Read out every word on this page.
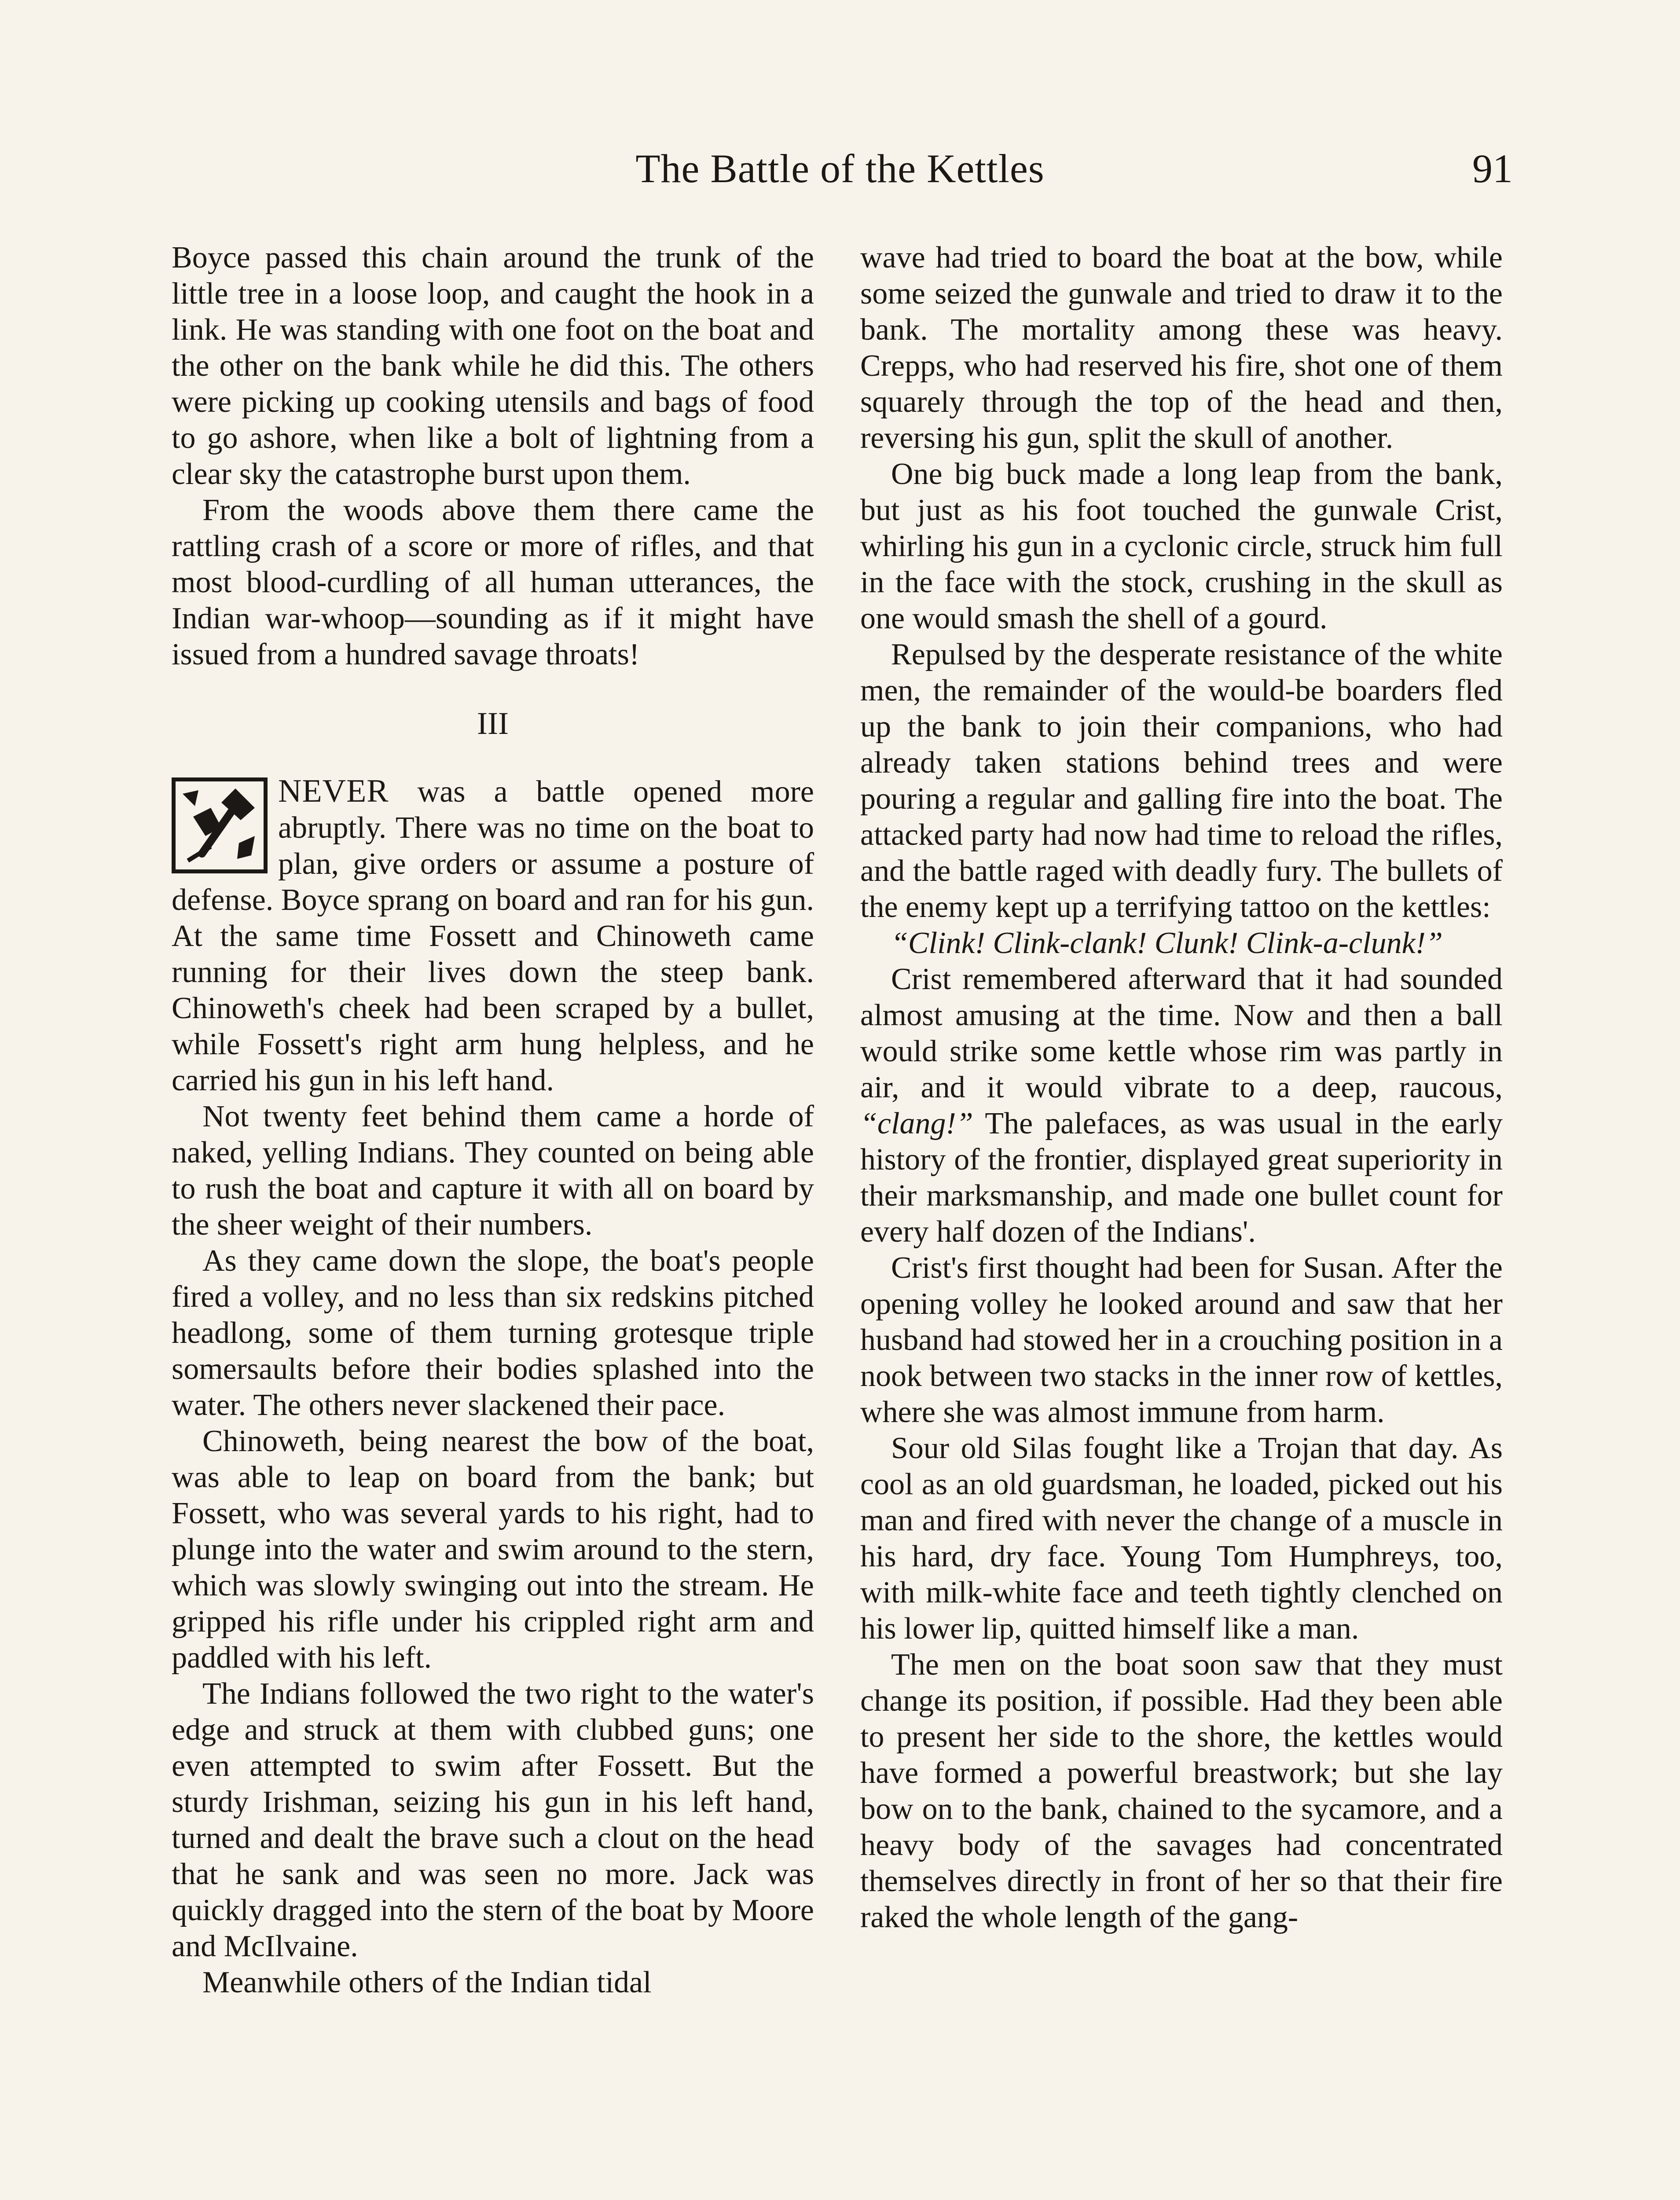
The Battle of the Kettles	91

Boyce passed this chain around the trunk of the little tree in a loose loop, and caught the hook in a link. He was standing with one foot on the boat and the other on the bank while he did this. The others were picking up cooking utensils and bags of food to go ashore, when like a bolt of lightning from a clear sky the catastrophe burst upon them.

From the woods above them there came the rattling crash of a score or more of rifles, and that most blood-curdling of all human utterances, the Indian war-whoop—sounding as if it might have issued from a hundred savage throats!

III

NEVER was a battle opened more abruptly. There was no time on the boat to plan, give orders or assume a posture of defense. Boyce sprang on board and ran for his gun. At the same time Fossett and Chinoweth came running for their lives down the steep bank. Chinoweth's cheek had been scraped by a bullet, while Fossett's right arm hung helpless, and he carried his gun in his left hand.

Not twenty feet behind them came a horde of naked, yelling Indians. They counted on being able to rush the boat and capture it with all on board by the sheer weight of their numbers.

As they came down the slope, the boat's people fired a volley, and no less than six redskins pitched headlong, some of them turning grotesque triple somersaults before their bodies splashed into the water. The others never slackened their pace.

Chinoweth, being nearest the bow of the boat, was able to leap on board from the bank; but Fossett, who was several yards to his right, had to plunge into the water and swim around to the stern, which was slowly swinging out into the stream. He gripped his rifle under his crippled right arm and paddled with his left.

The Indians followed the two right to the water's edge and struck at them with clubbed guns; one even attempted to swim after Fossett. But the sturdy Irishman, seizing his gun in his left hand, turned and dealt the brave such a clout on the head that he sank and was seen no more. Jack was quickly dragged into the stern of the boat by Moore and McIlvaine.

Meanwhile others of the Indian tidal

wave had tried to board the boat at the bow, while some seized the gunwale and tried to draw it to the bank. The mortality among these was heavy. Crepps, who had reserved his fire, shot one of them squarely through the top of the head and then, reversing his gun, split the skull of another.

One big buck made a long leap from the bank, but just as his foot touched the gunwale Crist, whirling his gun in a cyclonic circle, struck him full in the face with the stock, crushing in the skull as one would smash the shell of a gourd.

Repulsed by the desperate resistance of the white men, the remainder of the would-be boarders fled up the bank to join their companions, who had already taken stations behind trees and were pouring a regular and galling fire into the boat. The attacked party had now had time to reload the rifles, and the battle raged with deadly fury. The bullets of the enemy kept up a terrifying tattoo on the kettles:

“Clink! Clink-clank! Clunk! Clink-a-clunk!”

Crist remembered afterward that it had sounded almost amusing at the time. Now and then a ball would strike some kettle whose rim was partly in air, and it would vibrate to a deep, raucous, “clang!” The palefaces, as was usual in the early history of the frontier, displayed great superiority in their marksmanship, and made one bullet count for every half dozen of the Indians'.

Crist's first thought had been for Susan. After the opening volley he looked around and saw that her husband had stowed her in a crouching position in a nook between two stacks in the inner row of kettles, where she was almost immune from harm.

Sour old Silas fought like a Trojan that day. As cool as an old guardsman, he loaded, picked out his man and fired with never the change of a muscle in his hard, dry face. Young Tom Humphreys, too, with milk-white face and teeth tightly clenched on his lower lip, quitted himself like a man.

The men on the boat soon saw that they must change its position, if possible. Had they been able to present her side to the shore, the kettles would have formed a powerful breastwork; but she lay bow on to the bank, chained to the sycamore, and a heavy body of the savages had concentrated themselves directly in front of her so that their fire raked the whole length of the gang-
